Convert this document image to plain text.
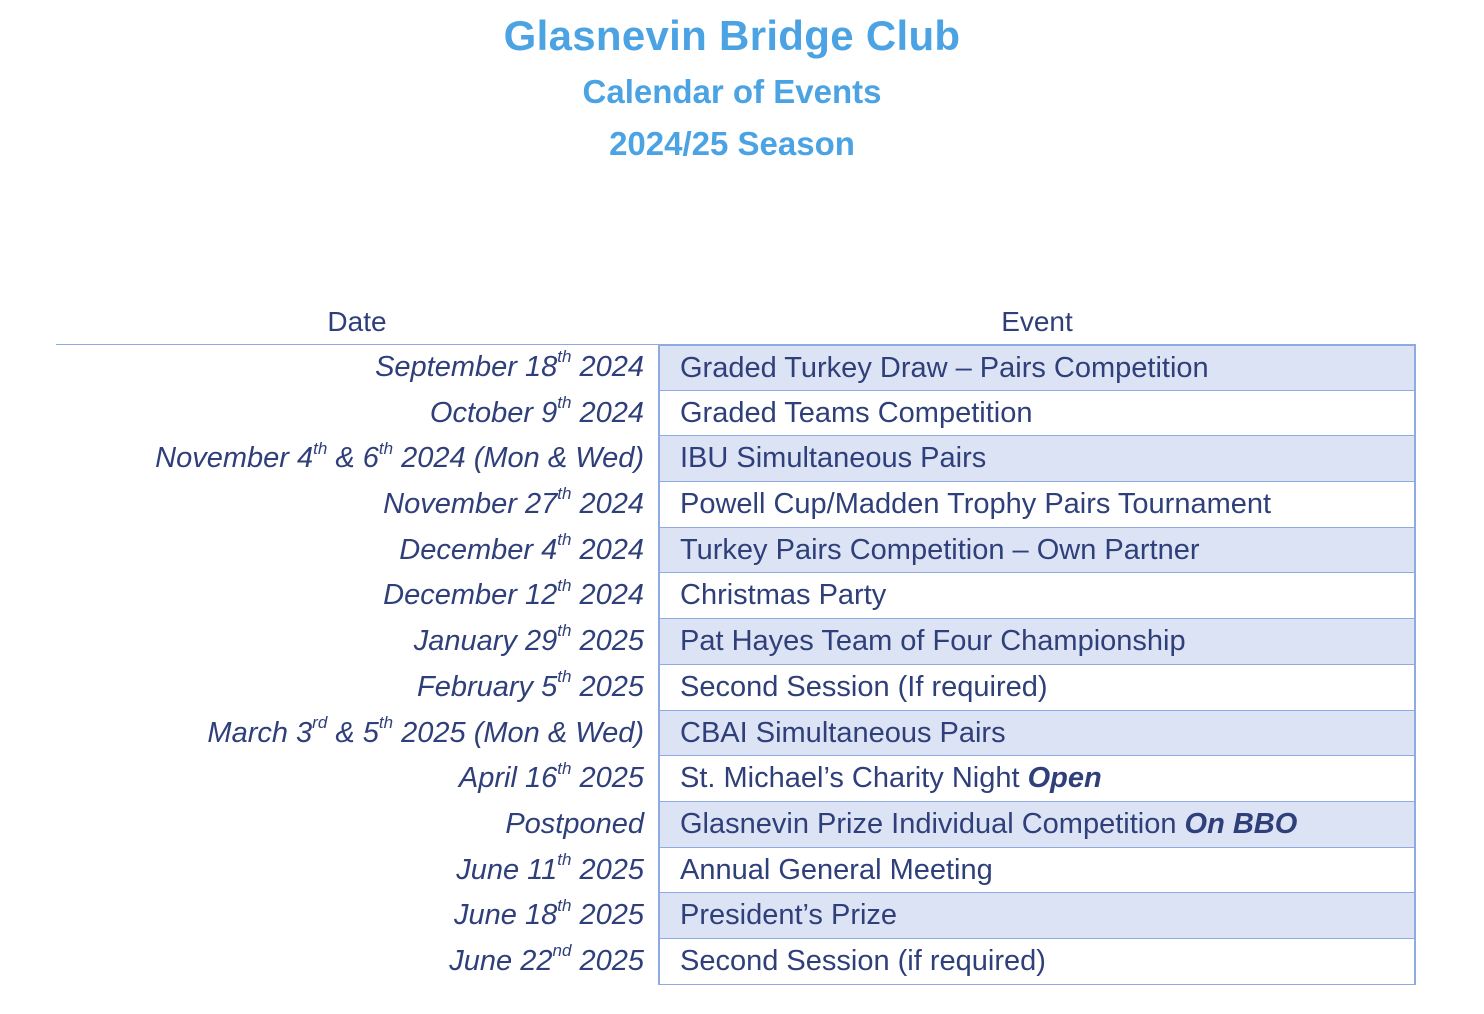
Glasnevin Bridge Club
Calendar of Events
2024/25 Season
Date	Event
September 18th 2024	Graded Turkey Draw – Pairs Competition
October 9th 2024	Graded Teams Competition
November 4th & 6th 2024 (Mon & Wed)	IBU Simultaneous Pairs
November 27th 2024	Powell Cup/Madden Trophy Pairs Tournament
December 4th 2024	Turkey Pairs Competition – Own Partner
December 12th 2024	Christmas Party
January 29th 2025	Pat Hayes Team of Four Championship
February 5th 2025	Second Session (If required)
March 3rd & 5th 2025 (Mon & Wed)	CBAI Simultaneous Pairs
April 16th 2025	St. Michael’s Charity Night Open
Postponed	Glasnevin Prize Individual Competition On BBO
June 11th 2025	Annual General Meeting
June 18th 2025	President’s Prize
June 22nd 2025	Second Session (if required)
